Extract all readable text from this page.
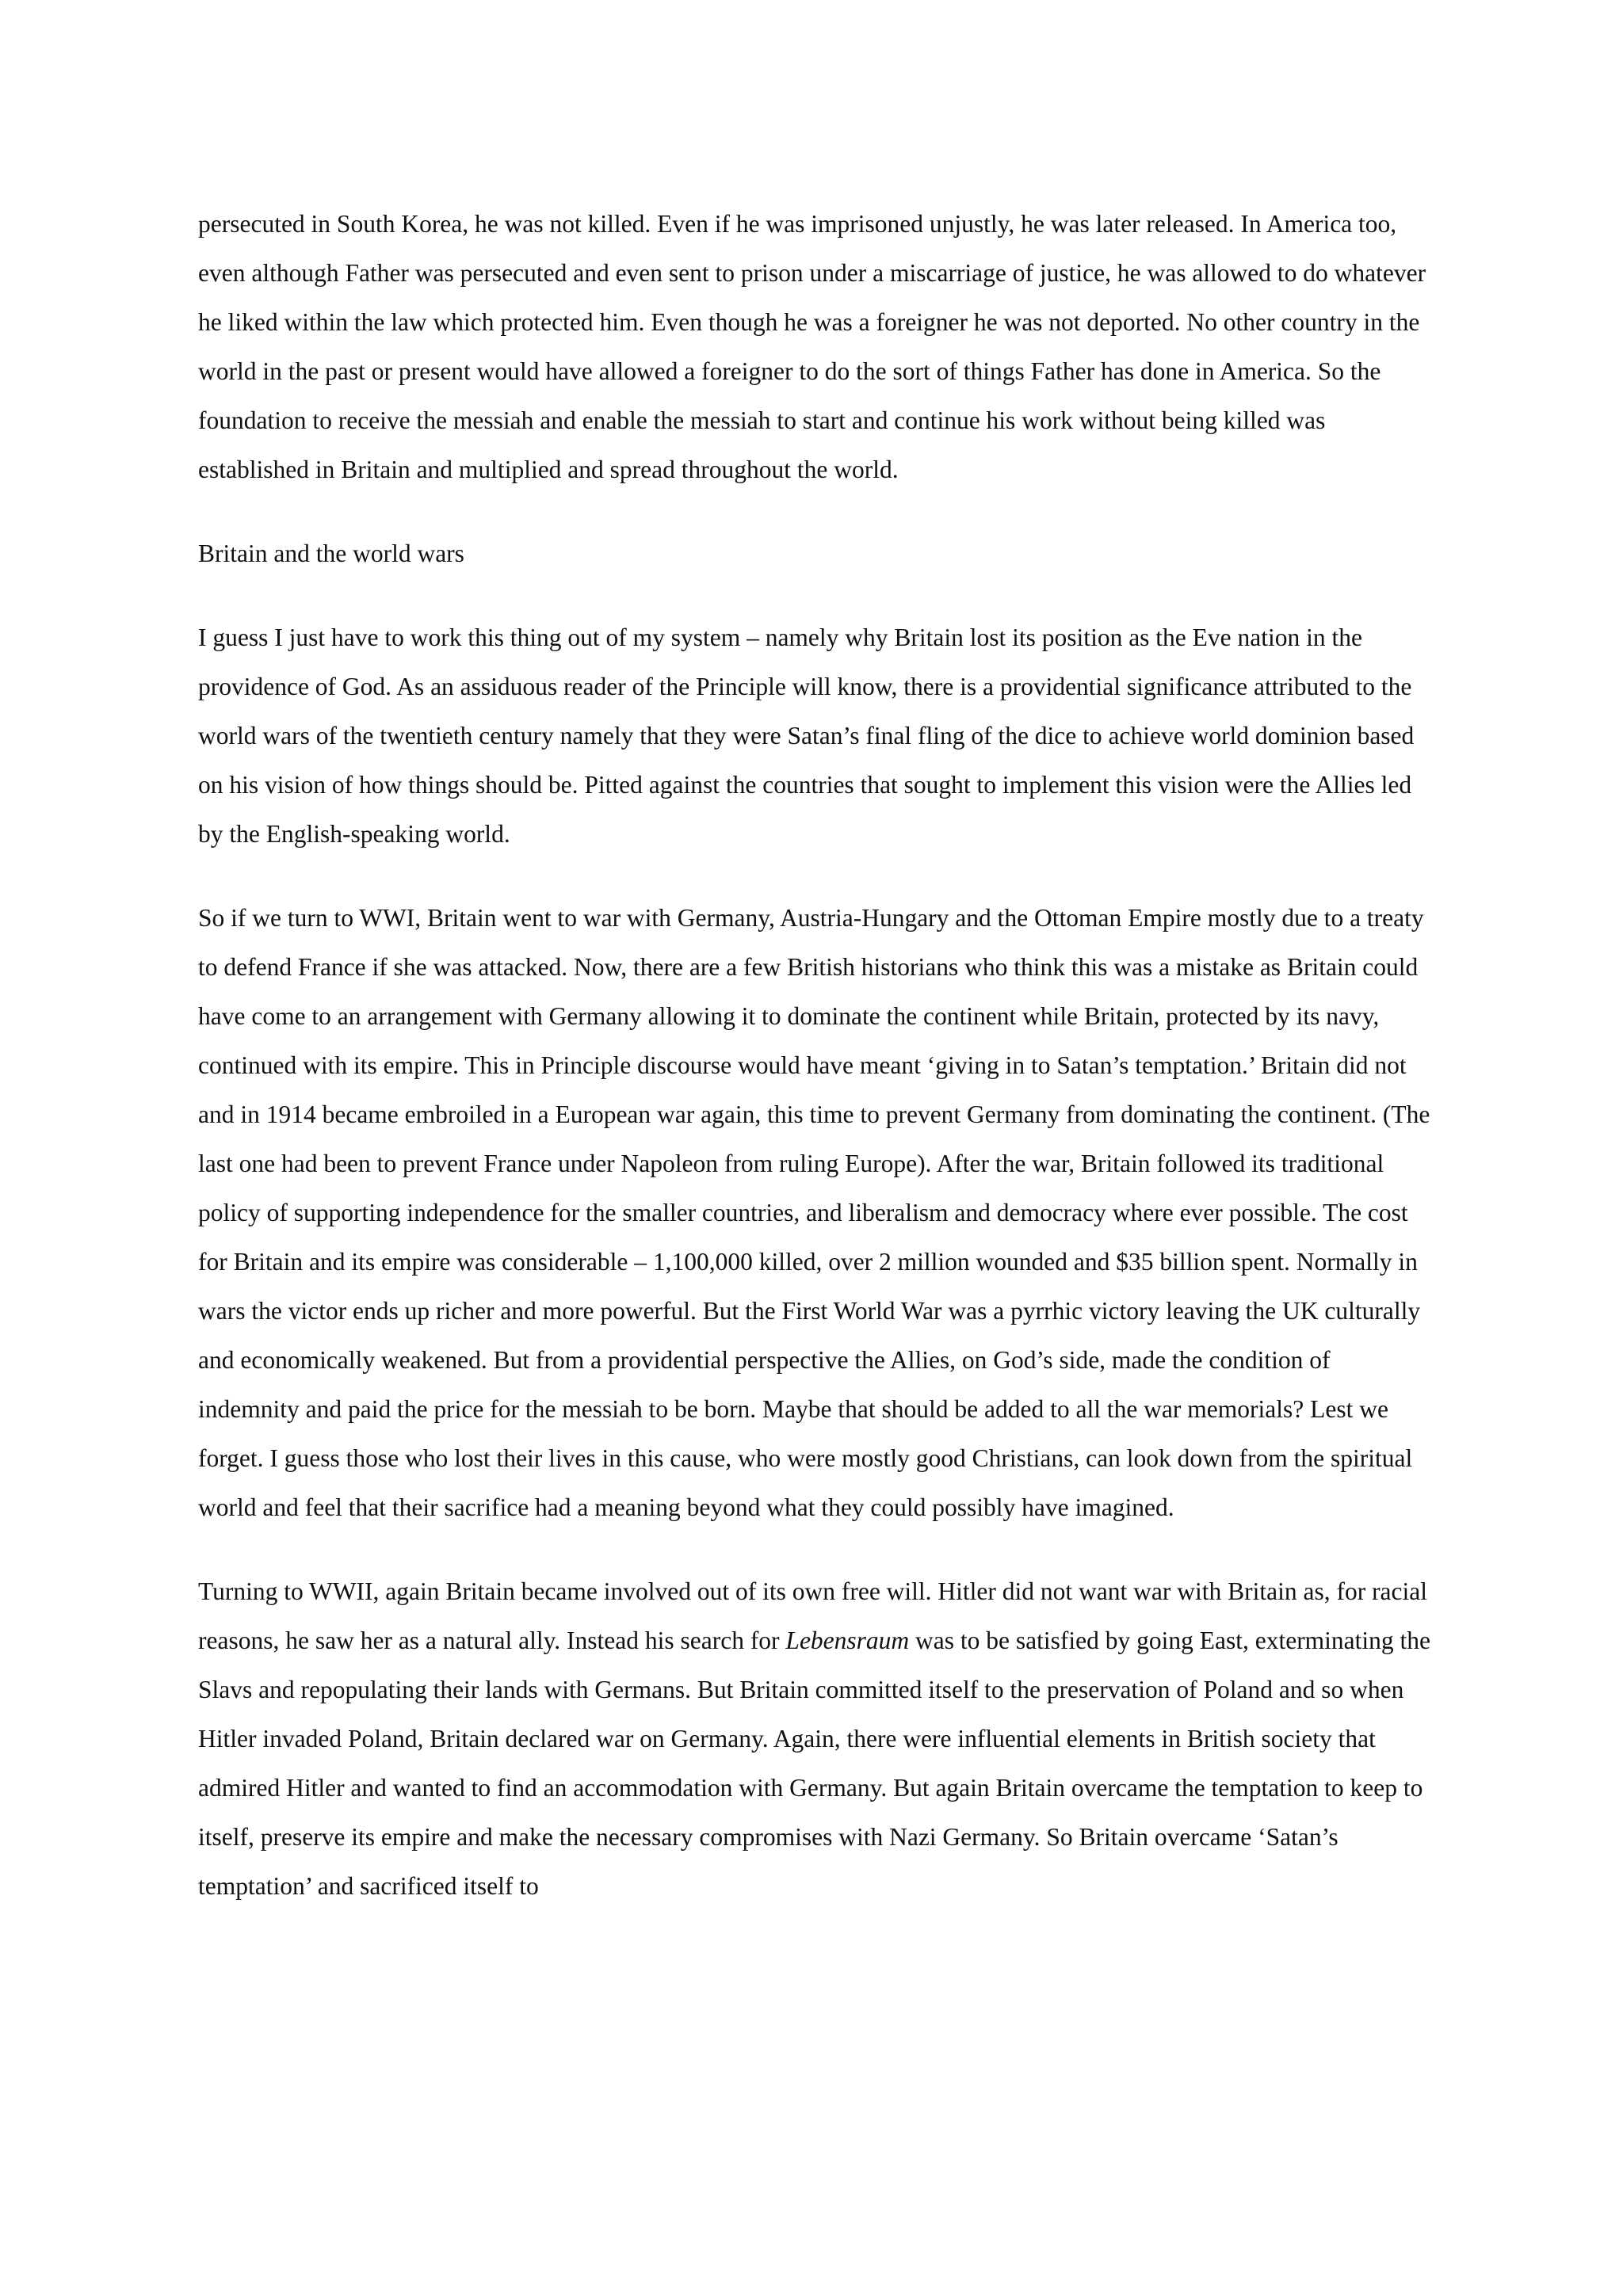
persecuted in South Korea, he was not killed. Even if he was imprisoned unjustly, he was later released. In America too, even although Father was persecuted and even sent to prison under a miscarriage of justice, he was allowed to do whatever he liked within the law which protected him. Even though he was a foreigner he was not deported. No other country in the world in the past or present would have allowed a foreigner to do the sort of things Father has done in America. So the foundation to receive the messiah and enable the messiah to start and continue his work without being killed was established in Britain and multiplied and spread throughout the world.

Britain and the world wars

I guess I just have to work this thing out of my system – namely why Britain lost its position as the Eve nation in the providence of God. As an assiduous reader of the Principle will know, there is a providential significance attributed to the world wars of the twentieth century namely that they were Satan’s final fling of the dice to achieve world dominion based on his vision of how things should be. Pitted against the countries that sought to implement this vision were the Allies led by the English-speaking world.

So if we turn to WWI, Britain went to war with Germany, Austria-Hungary and the Ottoman Empire mostly due to a treaty to defend France if she was attacked. Now, there are a few British historians who think this was a mistake as Britain could have come to an arrangement with Germany allowing it to dominate the continent while Britain, protected by its navy, continued with its empire. This in Principle discourse would have meant ‘giving in to Satan’s temptation.’ Britain did not and in 1914 became embroiled in a European war again, this time to prevent Germany from dominating the continent. (The last one had been to prevent France under Napoleon from ruling Europe). After the war, Britain followed its traditional policy of supporting independence for the smaller countries, and liberalism and democracy where ever possible. The cost for Britain and its empire was considerable – 1,100,000 killed, over 2 million wounded and $35 billion spent. Normally in wars the victor ends up richer and more powerful. But the First World War was a pyrrhic victory leaving the UK culturally and economically weakened. But from a providential perspective the Allies, on God’s side, made the condition of indemnity and paid the price for the messiah to be born. Maybe that should be added to all the war memorials? Lest we forget. I guess those who lost their lives in this cause, who were mostly good Christians, can look down from the spiritual world and feel that their sacrifice had a meaning beyond what they could possibly have imagined.

Turning to WWII, again Britain became involved out of its own free will. Hitler did not want war with Britain as, for racial reasons, he saw her as a natural ally. Instead his search for Lebensraum was to be satisfied by going East, exterminating the Slavs and repopulating their lands with Germans. But Britain committed itself to the preservation of Poland and so when Hitler invaded Poland, Britain declared war on Germany. Again, there were influential elements in British society that admired Hitler and wanted to find an accommodation with Germany. But again Britain overcame the temptation to keep to itself, preserve its empire and make the necessary compromises with Nazi Germany. So Britain overcame ‘Satan’s temptation’ and sacrificed itself to
